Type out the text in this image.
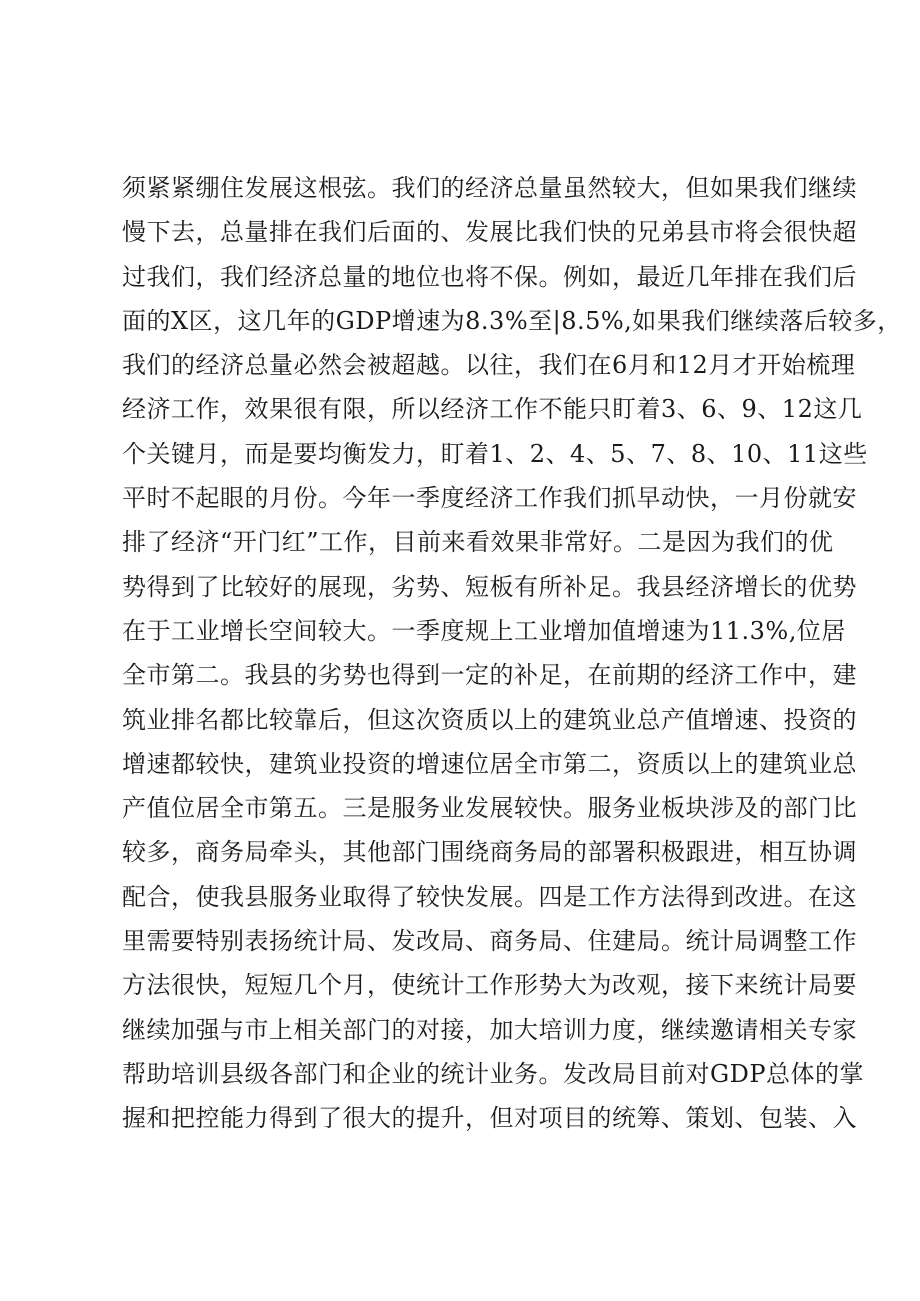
须紧紧绷住发展这根弦。我们的经济总量虽然较大，但如果我们继续
慢下去，总量排在我们后面的、发展比我们快的兄弟县市将会很快超
过我们，我们经济总量的地位也将不保。例如，最近几年排在我们后
面的X区，这几年的GDP增速为8.3%至|8.5%,如果我们继续落后较多，
我们的经济总量必然会被超越。以往，我们在6月和12月才开始梳理
经济工作，效果很有限，所以经济工作不能只盯着3、6、9、12这几
个关键月，而是要均衡发力，盯着1、2、4、5、7、8、10、11这些
平时不起眼的月份。今年一季度经济工作我们抓早动快，一月份就安
排了经济“开门红”工作，目前来看效果非常好。二是因为我们的优
势得到了比较好的展现，劣势、短板有所补足。我县经济增长的优势
在于工业增长空间较大。一季度规上工业增加值增速为11.3%,位居
全市第二。我县的劣势也得到一定的补足，在前期的经济工作中，建
筑业排名都比较靠后，但这次资质以上的建筑业总产值增速、投资的
增速都较快，建筑业投资的增速位居全市第二，资质以上的建筑业总
产值位居全市第五。三是服务业发展较快。服务业板块涉及的部门比
较多，商务局牵头，其他部门围绕商务局的部署积极跟进，相互协调
配合，使我县服务业取得了较快发展。四是工作方法得到改进。在这
里需要特别表扬统计局、发改局、商务局、住建局。统计局调整工作
方法很快，短短几个月，使统计工作形势大为改观，接下来统计局要
继续加强与市上相关部门的对接，加大培训力度，继续邀请相关专家
帮助培训县级各部门和企业的统计业务。发改局目前对GDP总体的掌
握和把控能力得到了很大的提升，但对项目的统筹、策划、包装、入
